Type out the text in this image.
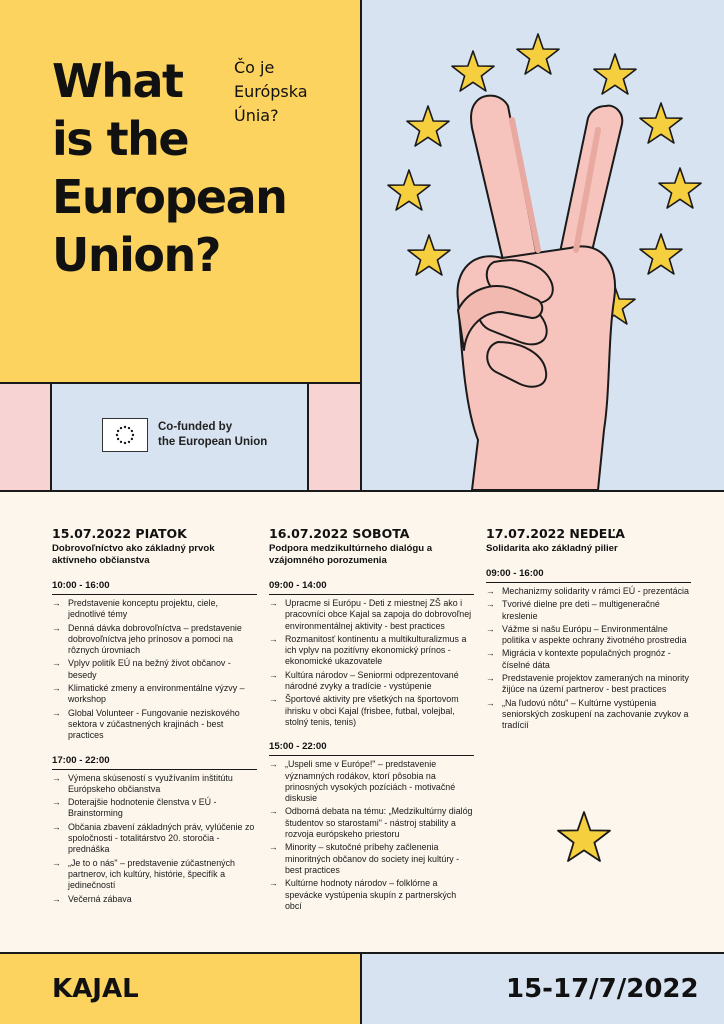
What
is the
European
Union?
Čo je
Európska
Únia?
Co-funded by
the European Union
15.07.2022 PIATOK
Dobrovoľníctvo ako základný prvok aktívneho občianstva
10:00 - 16:00
→ Predstavenie konceptu projektu, ciele, jednotlivé témy
→ Denná dávka dobrovoľníctva – predstavenie dobrovoľníctva jeho prínosov a pomoci na rôznych úrovniach
→ Vplyv politík EÚ na bežný život občanov - besedy
→ Klimatické zmeny a environmentálne výzvy – workshop
→ Global Volunteer - Fungovanie neziskového sektora v zúčastnených krajinách - best practices
17:00 - 22:00
→ Výmena skúseností s využívaním inštitútu Európskeho občianstva
→ Doterajšie hodnotenie členstva v EÚ - Brainstorming
→ Občania zbavení základných práv, vylúčenie zo spoločnosti - totalitárstvo 20. storočia - prednáška
→ „Je to o nás" – predstavenie zúčastnených partnerov, ich kultúry, histórie, špecifík a jedinečností
→ Večerná zábava
16.07.2022 SOBOTA
Podpora medzikultúrneho dialógu a vzájomného porozumenia
09:00 - 14:00
→ Upracme si Európu - Deti z miestnej ZŠ ako i pracovníci obce Kajal sa zapoja do dobrovoľnej environmentálnej aktivity - best practices
→ Rozmanitosť kontinentu a multikulturalizmus a ich vplyv na pozitívny ekonomický prínos - ekonomické ukazovatele
→ Kultúra národov – Seniormi odprezentované národné zvyky a tradície - vystúpenie
→ Športové aktivity pre všetkých na športovom ihrisku v obci Kajal (frisbee, futbal, volejbal, stolný tenis, tenis)
15:00 - 22:00
→ „Uspeli sme v Európe!" – predstavenie významných rodákov, ktorí pôsobia na prinosných vysokých pozíciách - motivačné diskusie
→ Odborná debata na tému: „Medzikultúrny dialóg študentov so starostami" - nástroj stability a rozvoja európskeho priestoru
→ Minority – skutočné príbehy začlenenia minoritných občanov do society inej kultúry - best practices
→ Kultúrne hodnoty národov – folklórne a spevácke vystúpenia skupín z partnerských obcí
17.07.2022 NEDEĽA
Solidarita ako základný pilier
09:00 - 16:00
→ Mechanizmy solidarity v rámci EÚ - prezentácia
→ Tvorivé dielne pre deti – multigeneračné kreslenie
→ Vážme si našu Európu – Environmentálne politika v aspekte ochrany životného prostredia
→ Migrácia v kontexte populačných prognóz - číselné dáta
→ Predstavenie projektov zameraných na minority žijúce na území partnerov - best practices
→ „Na ľudovú nôtu" – Kultúrne vystúpenia seniorských zoskupení na zachovanie zvykov a tradícií
KAJAL	15-17/7/2022
